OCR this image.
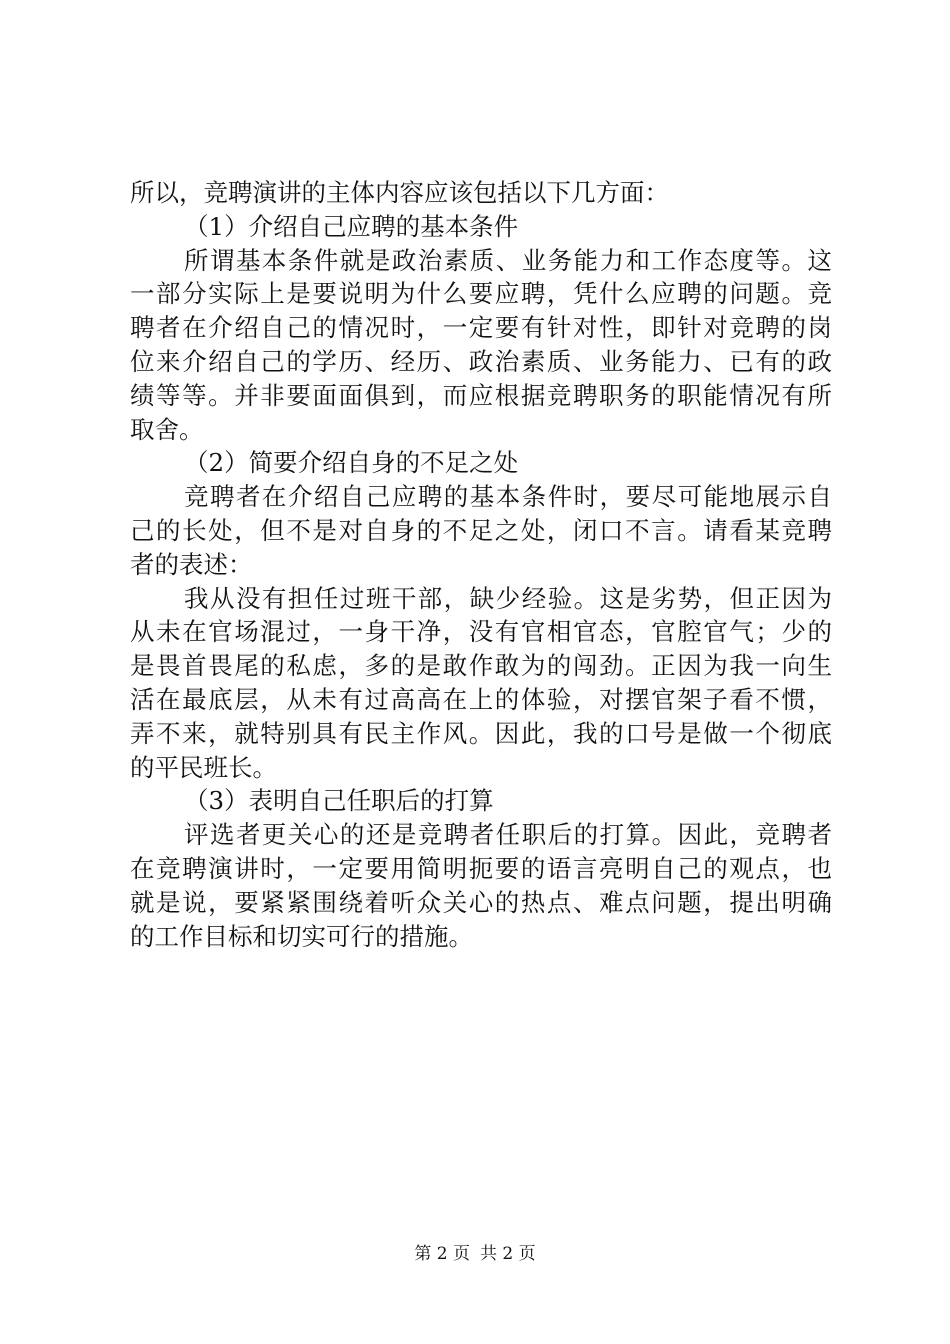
所以，竞聘演讲的主体内容应该包括以下几方面：
（1）介绍自己应聘的基本条件
所谓基本条件就是政治素质、业务能力和工作态度等。这
一部分实际上是要说明为什么要应聘，凭什么应聘的问题。竞
聘者在介绍自己的情况时，一定要有针对性，即针对竞聘的岗
位来介绍自己的学历、经历、政治素质、业务能力、已有的政
绩等等。并非要面面俱到，而应根据竞聘职务的职能情况有所
取舍。
（2）简要介绍自身的不足之处
竞聘者在介绍自己应聘的基本条件时，要尽可能地展示自
己的长处，但不是对自身的不足之处，闭口不言。请看某竞聘
者的表述：
我从没有担任过班干部，缺少经验。这是劣势，但正因为
从未在官场混过，一身干净，没有官相官态，官腔官气；少的
是畏首畏尾的私虑，多的是敢作敢为的闯劲。正因为我一向生
活在最底层，从未有过高高在上的体验，对摆官架子看不惯，
弄不来，就特别具有民主作风。因此，我的口号是做一个彻底
的平民班长。
（3）表明自己任职后的打算
评选者更关心的还是竞聘者任职后的打算。因此，竞聘者
在竞聘演讲时，一定要用简明扼要的语言亮明自己的观点，也
就是说，要紧紧围绕着听众关心的热点、难点问题，提出明确
的工作目标和切实可行的措施。
第 2 页 共 2 页
